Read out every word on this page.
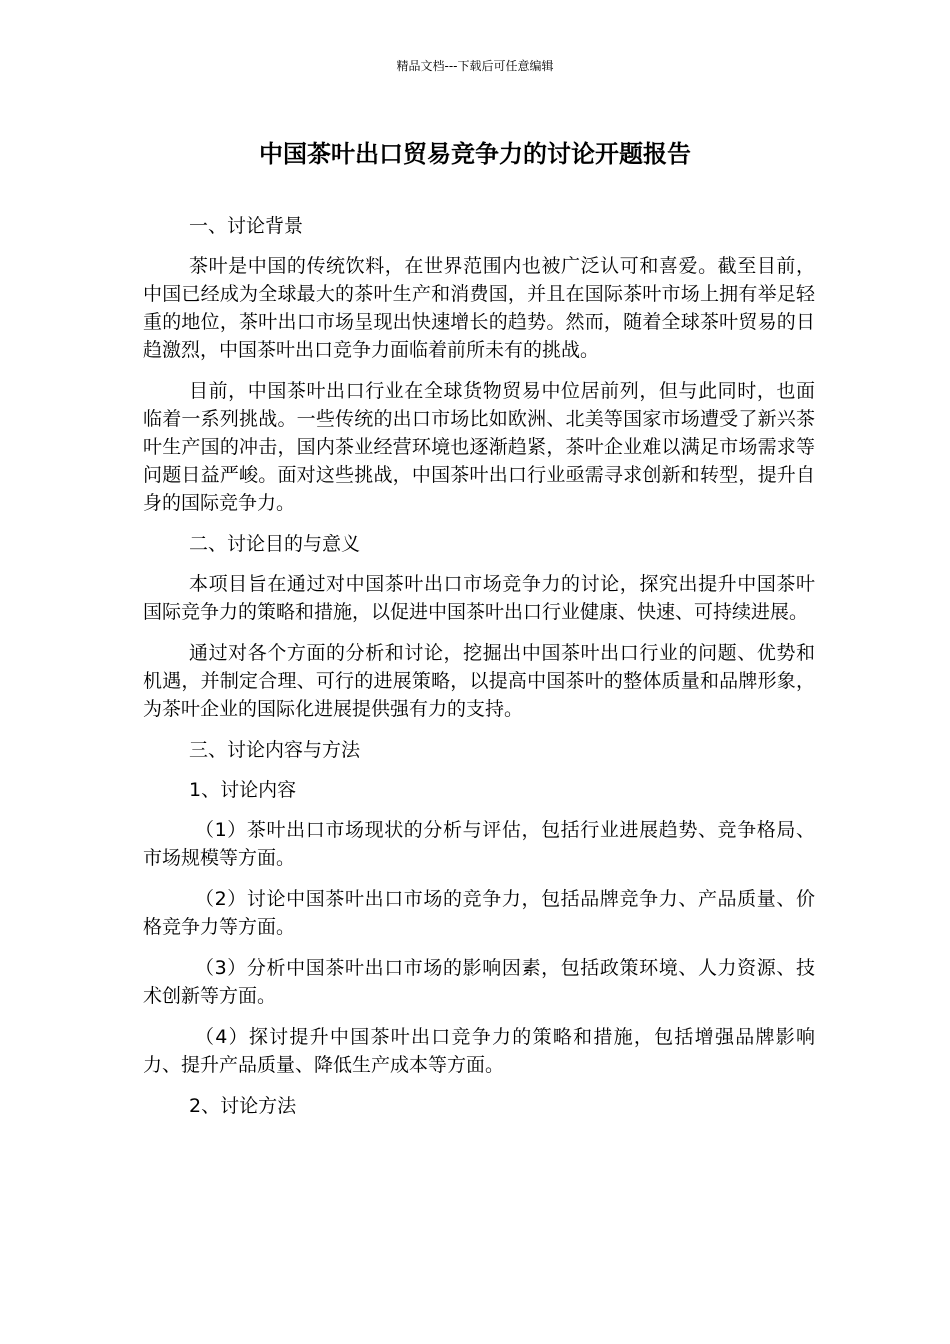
精品文档---下载后可任意编辑
中国茶叶出口贸易竞争力的讨论开题报告

一、讨论背景

茶叶是中国的传统饮料，在世界范围内也被广泛认可和喜爱。截至目前，中国已经成为全球最大的茶叶生产和消费国，并且在国际茶叶市场上拥有举足轻重的地位，茶叶出口市场呈现出快速增长的趋势。然而，随着全球茶叶贸易的日趋激烈，中国茶叶出口竞争力面临着前所未有的挑战。

目前，中国茶叶出口行业在全球货物贸易中位居前列，但与此同时，也面临着一系列挑战。一些传统的出口市场比如欧洲、北美等国家市场遭受了新兴茶叶生产国的冲击，国内茶业经营环境也逐渐趋紧，茶叶企业难以满足市场需求等问题日益严峻。面对这些挑战，中国茶叶出口行业亟需寻求创新和转型，提升自身的国际竞争力。

二、讨论目的与意义

本项目旨在通过对中国茶叶出口市场竞争力的讨论，探究出提升中国茶叶国际竞争力的策略和措施，以促进中国茶叶出口行业健康、快速、可持续进展。

通过对各个方面的分析和讨论，挖掘出中国茶叶出口行业的问题、优势和机遇，并制定合理、可行的进展策略，以提高中国茶叶的整体质量和品牌形象，为茶叶企业的国际化进展提供强有力的支持。

三、讨论内容与方法

1、讨论内容

（1）茶叶出口市场现状的分析与评估，包括行业进展趋势、竞争格局、市场规模等方面。

（2）讨论中国茶叶出口市场的竞争力，包括品牌竞争力、产品质量、价格竞争力等方面。

（3）分析中国茶叶出口市场的影响因素，包括政策环境、人力资源、技术创新等方面。

（4）探讨提升中国茶叶出口竞争力的策略和措施，包括增强品牌影响力、提升产品质量、降低生产成本等方面。

2、讨论方法
